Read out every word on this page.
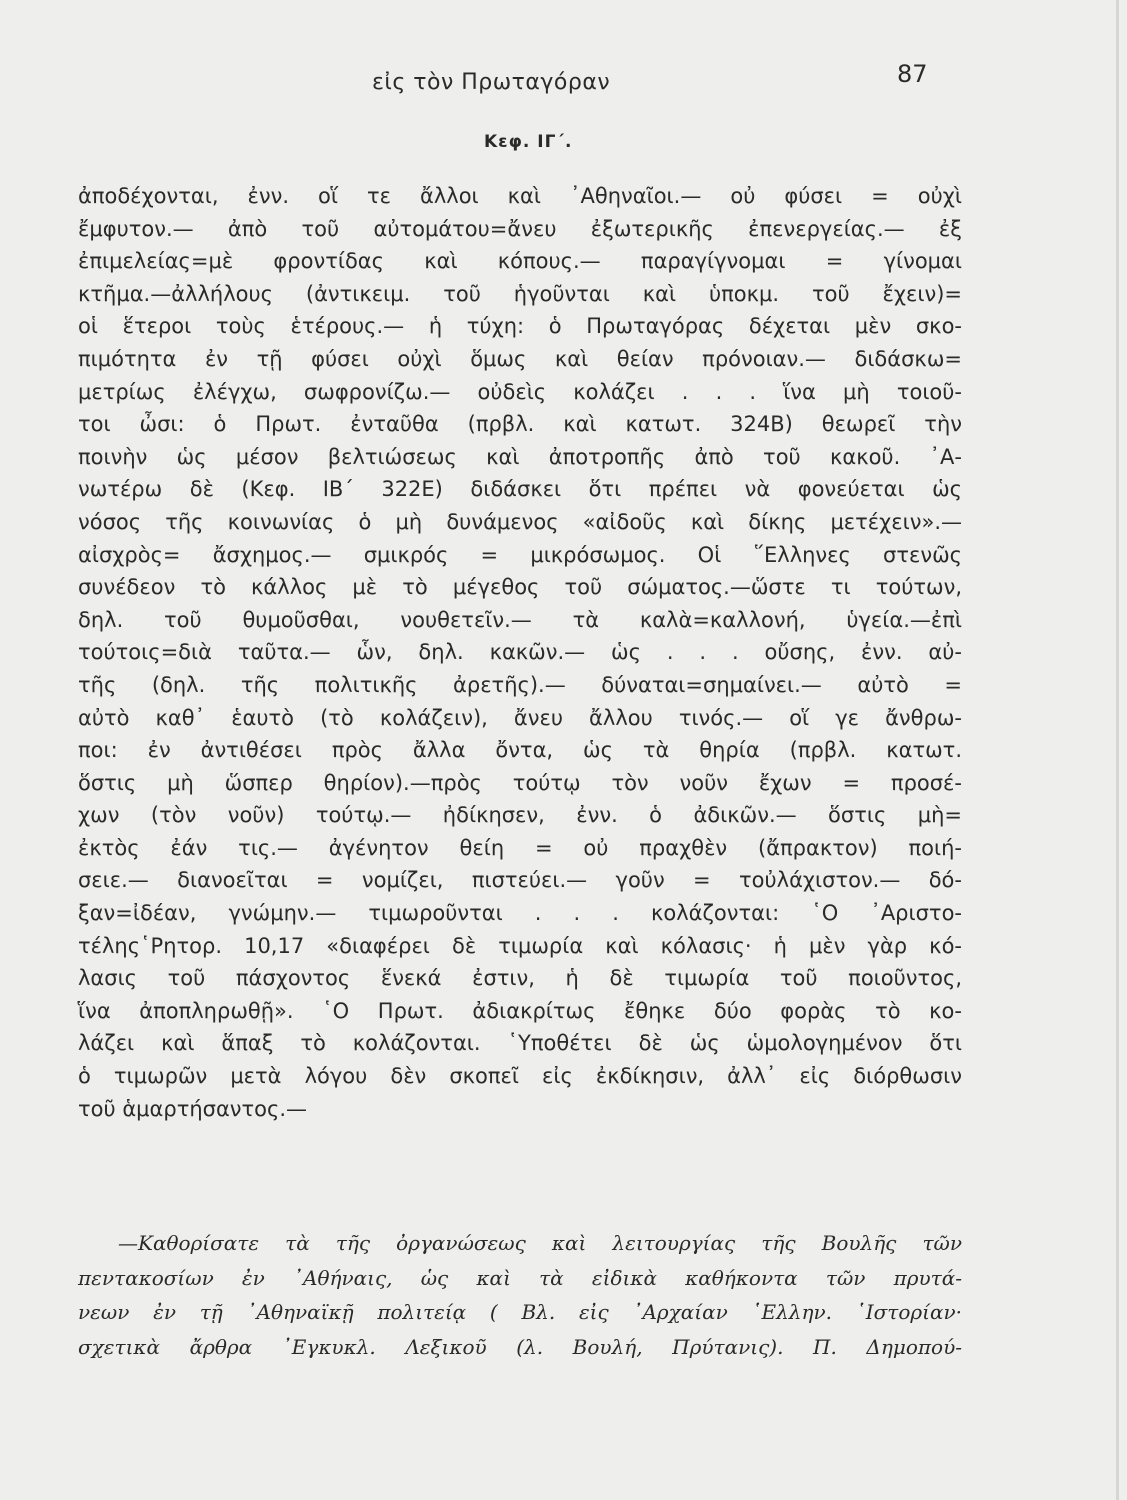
εἰς τὸν Πρωταγόραν	87
Κεφ. ΙΓ΄.
ἀποδέχονται, ἐνν. οἵ τε ἄλλοι καὶ ᾿Αθηναῖοι.— οὐ φύσει = οὐχὶ
ἔμφυτον.— ἀπὸ τοῦ αὐτομάτου=ἄνευ ἐξωτερικῆς ἐπενεργείας.— ἐξ
ἐπιμελείας=μὲ φροντίδας καὶ κόπους.— παραγίγνομαι = γίνομαι
κτῆμα.—ἀλλήλους (ἀντικειμ. τοῦ ἡγοῦνται καὶ ὑποκμ. τοῦ ἔχειν)=
οἱ ἕτεροι τοὺς ἑτέρους.— ἡ τύχη: ὁ Πρωταγόρας δέχεται μὲν σκο-
πιμότητα ἐν τῇ φύσει οὐχὶ ὅμως καὶ θείαν πρόνοιαν.— διδάσκω=
μετρίως ἐλέγχω, σωφρονίζω.— οὐδεὶς κολάζει . . . ἵνα μὴ τοιοῦ-
τοι ὦσι: ὁ Πρωτ. ἐνταῦθα (πρβλ. καὶ κατωτ. 324Β) θεωρεῖ τὴν
ποινὴν ὡς μέσον βελτιώσεως καὶ ἀποτροπῆς ἀπὸ τοῦ κακοῦ. ᾿Α-
νωτέρω δὲ (Κεφ. ΙΒ΄ 322Ε) διδάσκει ὅτι πρέπει νὰ φονεύεται ὡς
νόσος τῆς κοινωνίας ὁ μὴ δυνάμενος «αἰδοῦς καὶ δίκης μετέχειν».—
αἰσχρὸς= ἄσχημος.— σμικρός = μικρόσωμος. Οἱ ῞Ελληνες στενῶς
συνέδεον τὸ κάλλος μὲ τὸ μέγεθος τοῦ σώματος.—ὥστε τι τούτων,
δηλ. τοῦ θυμοῦσθαι, νουθετεῖν.— τὰ καλὰ=καλλονή, ὑγεία.—ἐπὶ
τούτοις=διὰ ταῦτα.— ὧν, δηλ. κακῶν.— ὡς . . . οὔσης, ἐνν. αὐ-
τῆς (δηλ. τῆς πολιτικῆς ἀρετῆς).— δύναται=σημαίνει.— αὐτὸ =
αὐτὸ καθ᾿ ἑαυτὸ (τὸ κολάζειν), ἄνευ ἄλλου τινός.— οἵ γε ἄνθρω-
ποι: ἐν ἀντιθέσει πρὸς ἄλλα ὄντα, ὡς τὰ θηρία (πρβλ. κατωτ.
ὅστις μὴ ὥσπερ θηρίον).—πρὸς τούτῳ τὸν νοῦν ἔχων = προσέ-
χων (τὸν νοῦν) τούτῳ.— ἠδίκησεν, ἐνν. ὁ ἀδικῶν.— ὅστις μὴ=
ἐκτὸς ἐάν τις.— ἀγένητον θείη = οὐ πραχθὲν (ἄπρακτον) ποιή-
σειε.— διανοεῖται = νομίζει, πιστεύει.— γοῦν = τοὐλάχιστον.— δό-
ξαν=ἰδέαν, γνώμην.— τιμωροῦνται . . . κολάζονται: ῾Ο ᾿Αριστο-
τέλης῾Ρητορ. 10,17 «διαφέρει δὲ τιμωρία καὶ κόλασις· ἡ μὲν γὰρ κό-
λασις τοῦ πάσχοντος ἕνεκά ἐστιν, ἡ δὲ τιμωρία τοῦ ποιοῦντος,
ἵνα ἀποπληρωθῇ». ῾Ο Πρωτ. ἀδιακρίτως ἔθηκε δύο φορὰς τὸ κο-
λάζει καὶ ἅπαξ τὸ κολάζονται. ῾Υποθέτει δὲ ὡς ὡμολογημένον ὅτι
ὁ τιμωρῶν μετὰ λόγου δὲν σκοπεῖ εἰς ἐκδίκησιν, ἀλλ᾿ εἰς διόρθωσιν
τοῦ ἁμαρτήσαντος.—
—Καθορίσατε τὰ τῆς ὀργανώσεως καὶ λειτουργίας τῆς Βουλῆς τῶν
πεντακοσίων ἐν ᾿Αθήναις, ὡς καὶ τὰ εἰδικὰ καθήκοντα τῶν πρυτά-
νεων ἐν τῇ ᾿Αθηναϊκῇ πολιτείᾳ ( Βλ. εἰς ᾿Αρχαίαν ῾Ελλην. ῾Ιστορίαν·
σχετικὰ ἄρθρα ᾿Εγκυκλ. Λεξικοῦ (λ. Βουλή, Πρύτανις). Π. Δημοπού-
